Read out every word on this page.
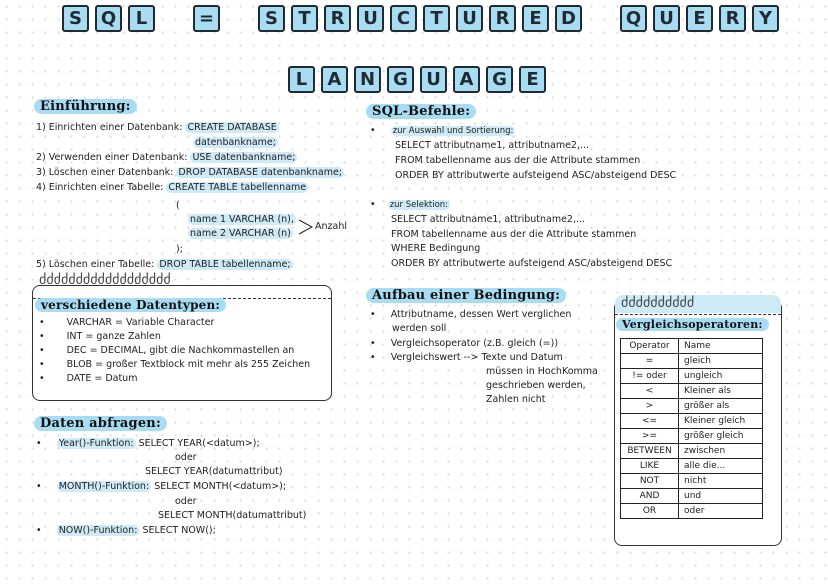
S	Q	L	=	S	T	R	U	C	T	U	R	E	D	Q	U	E	R	Y
L	A	N	G	U	A	G	E
Einführung:
1) Einrichten einer Datenbank: CREATE DATABASE
datenbankname;
2) Verwenden einer Datenbank: USE datenbankname;
3) Löschen einer Datenbank: DROP DATABASE datenbankname;
4) Einrichten einer Tabelle: CREATE TABLE tabellenname
(
name 1 VARCHAR (n),
name 2 VARCHAR (n)
Anzahl
);
5) Löschen einer Tabelle: DROP TABLE tabellenname;
ძძძძძძძძძძძძძძძძძძ
verschiedene Datentypen:
• VARCHAR = Variable Character
• INT = ganze Zahlen
• DEC = DECIMAL, gibt die Nachkommastellen an
• BLOB = großer Textblock mit mehr als 255 Zeichen
• DATE = Datum
Daten abfragen:
•     Year()-Funktion: SELECT YEAR(<datum>);
oder
SELECT YEAR(datumattribut)
•     MONTH()-Funktion: SELECT MONTH(<datum>);
oder
SELECT MONTH(datumattribut)
•     NOW()-Funktion: SELECT NOW();
SQL-Befehle:
•     zur Auswahl und Sortierung:
SELECT attributname1, attributname2,...
FROM tabellenname aus der die Attribute stammen
ORDER BY attributwerte aufsteigend ASC/absteigend DESC
•    zur Selektion:
SELECT attributname1, attributname2,...
FROM tabellenname aus der die Attribute stammen
WHERE Bedingung
ORDER BY attributwerte aufsteigend ASC/absteigend DESC
Aufbau einer Bedingung:
•     Attributname, dessen Wert verglichen
werden soll
•     Vergleichsoperator (z.B. gleich (=))
•     Vergleichswert --> Texte und Datum
müssen in HochKomma
geschrieben werden,
Zahlen nicht
ძძძძძძძძძძ
Vergleichsoperatoren:
Operator	Name
=	gleich
!= oder	ungleich
<	Kleiner als
>	größer als
<=	Kleiner gleich
>=	größer gleich
BETWEEN	zwischen
LIKE	alle die...
NOT	nicht
AND	und
OR	oder
